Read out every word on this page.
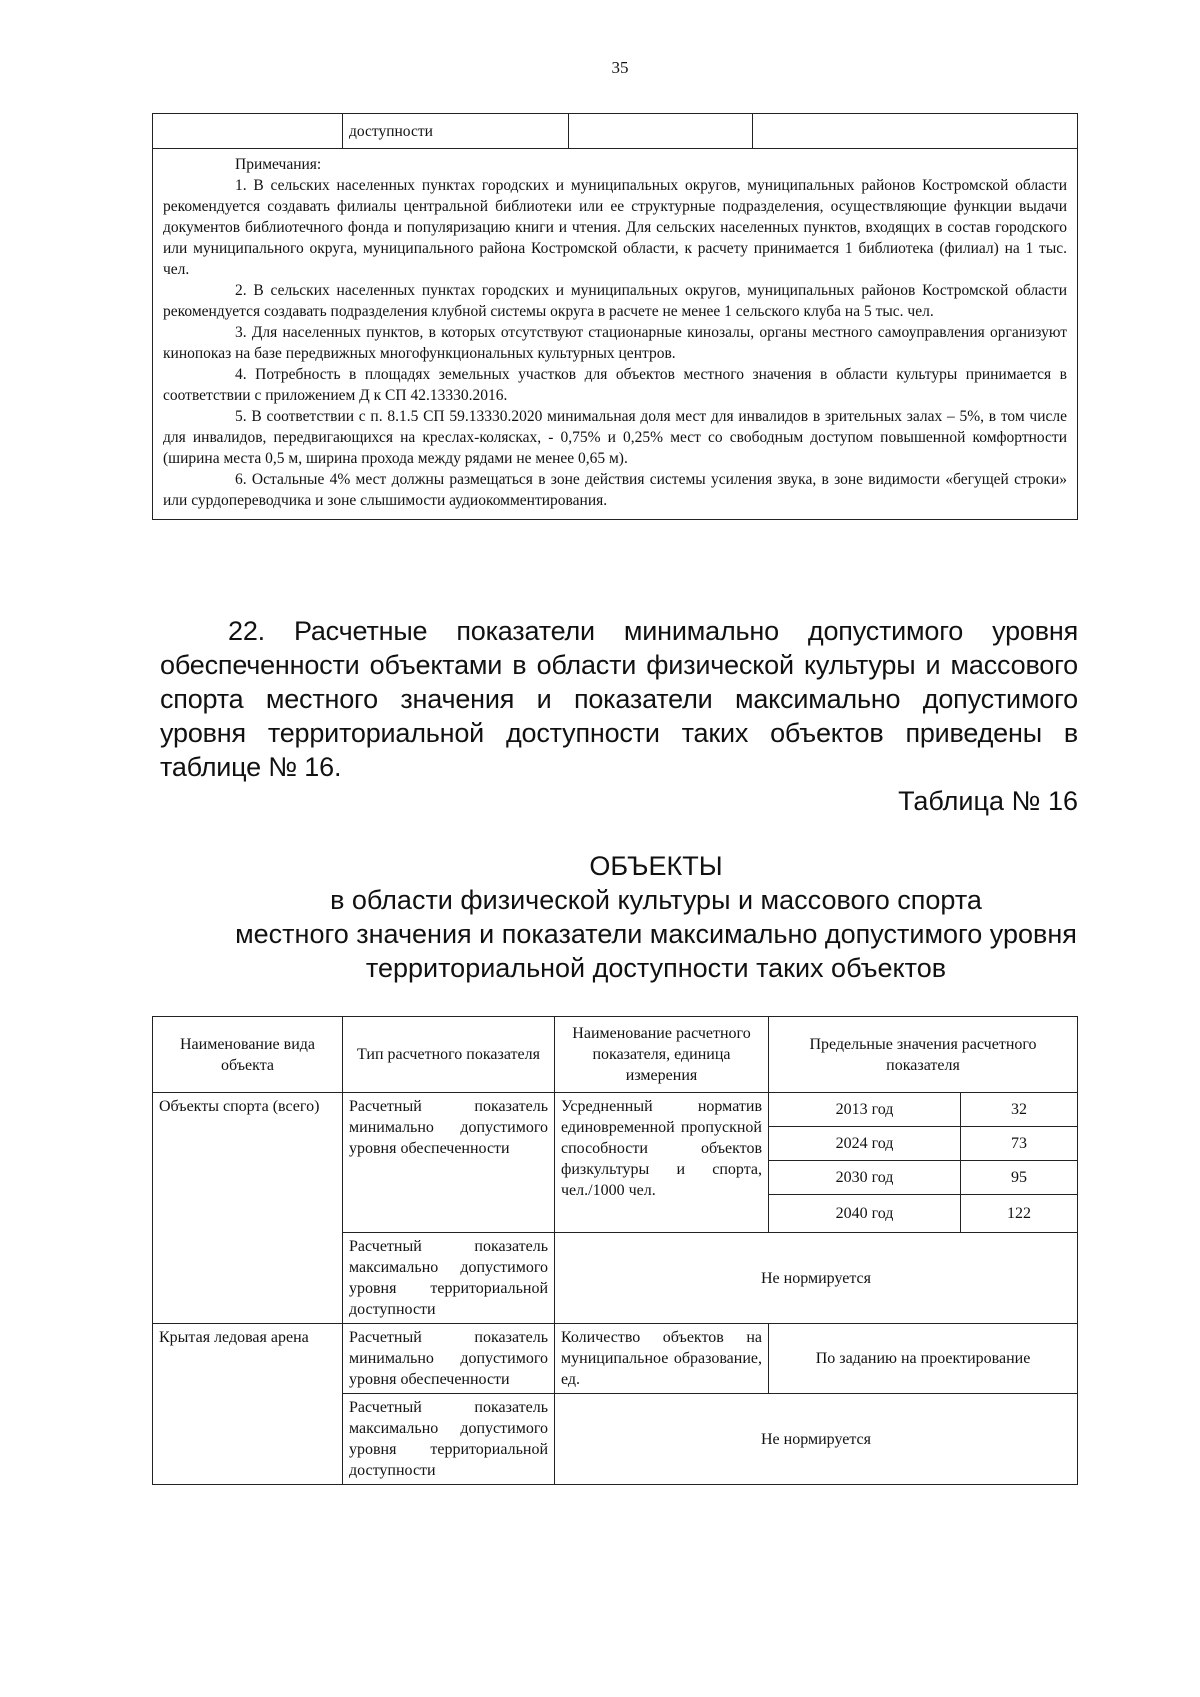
35
	доступности		

Примечания:

1. В сельских населенных пунктах городских и муниципальных округов, муниципальных районов Костромской области рекомендуется создавать филиалы центральной библиотеки или ее структурные подразделения, осуществляющие функции выдачи документов библиотечного фонда и популяризацию книги и чтения. Для сельских населенных пунктов, входящих в состав городского или муниципального округа, муниципального района Костромской области, к расчету принимается 1 библиотека (филиал) на 1 тыс. чел.

2. В сельских населенных пунктах городских и муниципальных округов, муниципальных районов Костромской области рекомендуется создавать подразделения клубной системы округа в расчете не менее 1 сельского клуба на 5 тыс. чел.

3. Для населенных пунктов, в которых отсутствуют стационарные кинозалы, органы местного самоуправления организуют кинопоказ на базе передвижных многофункциональных культурных центров.

4. Потребность в площадях земельных участков для объектов местного значения в области культуры принимается в соответствии с приложением Д к СП 42.13330.2016.

5. В соответствии с п. 8.1.5 СП 59.13330.2020 минимальная доля мест для инвалидов в зрительных залах – 5%, в том числе для инвалидов, передвигающихся на креслах-колясках, - 0,75% и 0,25% мест со свободным доступом повышенной комфортности (ширина места 0,5 м, ширина прохода между рядами не менее 0,65 м).

6. Остальные 4% мест должны размещаться в зоне действия системы усиления звука, в зоне видимости «бегущей строки» или сурдопереводчика и зоне слышимости аудиокомментирования.

22. Расчетные показатели минимально допустимого уровня обеспеченности объектами в области физической культуры и массового спорта местного значения и показатели максимально допустимого уровня территориальной доступности таких объектов приведены в таблице № 16.

Таблица № 16

ОБЪЕКТЫ
в области физической культуры и массового спорта
местного значения и показатели максимально допустимого уровня
территориальной доступности таких объектов
Наименование вида объекта	Тип расчетного показателя	Наименование расчетного показателя, единица измерения	Предельные значения расчетного показателя	
Объекты спорта (всего)	Расчетный показатель минимально допустимого уровня обеспеченности	Усредненный норматив единовременной пропускной способности объектов физкультуры и спорта, чел./1000 чел.	2013 год	32
			2024 год	73
			2030 год	95
			2040 год	122
	Расчетный показатель максимально допустимого уровня территориальной доступности	Не нормируется		
Крытая ледовая арена	Расчетный показатель минимально допустимого уровня обеспеченности	Количество объектов на муниципальное образование, ед.	По заданию на проектирование	
	Расчетный показатель максимально допустимого уровня территориальной доступности	Не нормируется		
